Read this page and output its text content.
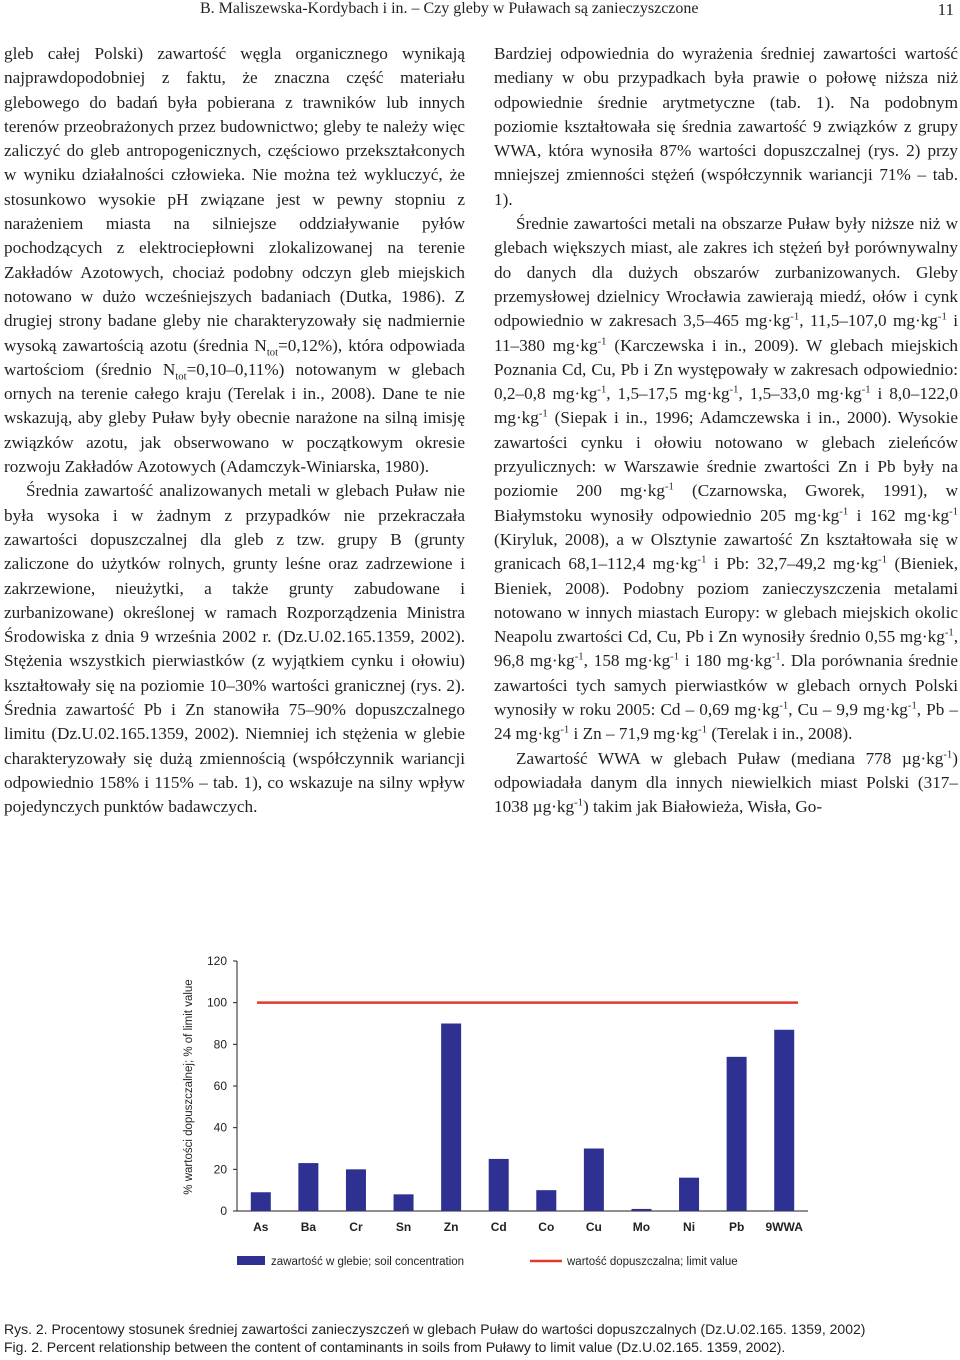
B. Maliszewska-Kordybach i in. – Czy gleby w Puławach są zanieczyszczone	11

gleb całej Polski) zawartość węgla organicznego wynikają najprawdopodobniej z faktu, że znaczna część materiału glebowego do badań była pobierana z trawników lub innych terenów przeobrażonych przez budownictwo; gleby te należy więc zaliczyć do gleb antropogenicznych, częściowo przekształconych w wyniku działalności człowieka. Nie można też wykluczyć, że stosunkowo wysokie pH związane jest w pewny stopniu z narażeniem miasta na silniejsze oddziaływanie pyłów pochodzących z elektrociepłowni zlokalizowanej na terenie Zakładów Azotowych, chociaż podobny odczyn gleb miejskich notowano w dużo wcześniejszych badaniach (Dutka, 1986). Z drugiej strony badane gleby nie charakteryzowały się nadmiernie wysoką zawartością azotu (średnia $N_{tot}=0,12\%$), która odpowiada wartościom (średnio $N_{tot}=0,10-0,11\%$) notowanym w glebach ornych na terenie całego kraju (Terelak i in., 2008). Dane te nie wskazują, aby gleby Puław były obecnie narażone na silną imisję związków azotu, jak obserwowano w początkowym okresie rozwoju Zakładów Azotowych (Adamczyk-Winiarska, 1980).

Średnia zawartość analizowanych metali w glebach Puław nie była wysoka i w żadnym z przypadków nie przekraczała zawartości dopuszczalnej dla gleb z tzw. grupy B (grunty zaliczone do użytków rolnych, grunty leśne oraz zadrzewione i zakrzewione, nieużytki, a także grunty zabudowane i zurbanizowane) określonej w ramach Rozporządzenia Ministra Środowiska z dnia 9 września 2002 r. (Dz.U.02.165.1359, 2002). Stężenia wszystkich pierwiastków (z wyjątkiem cynku i ołowiu) kształtowały się na poziomie 10–30% wartości granicznej (rys. 2). Średnia zawartość Pb i Zn stanowiła 75–90% dopuszczalnego limitu (Dz.U.02.165.1359, 2002). Niemniej ich stężenia w glebie charakteryzowały się dużą zmiennością (współczynnik wariancji odpowiednio 158% i 115% – tab. 1), co wskazuje na silny wpływ pojedynczych punktów badawczych.

Bardziej odpowiednia do wyrażenia średniej zawartości wartość mediany w obu przypadkach była prawie o połowę niższa niż odpowiednie średnie arytmetyczne (tab. 1). Na podobnym poziomie kształtowała się średnia zawartość 9 związków z grupy WWA, która wynosiła 87% wartości dopuszczalnej (rys. 2) przy mniejszej zmienności stężeń (współczynnik wariancji 71% – tab. 1).

Średnie zawartości metali na obszarze Puław były niższe niż w glebach większych miast, ale zakres ich stężeń był porównywalny do danych dla dużych obszarów zurbanizowanych. Gleby przemysłowej dzielnicy Wrocławia zawierają miedź, ołów i cynk odpowiednio w zakresach 3,5–465 $mg\cdot kg^{-1}$, 11,5–107,0 $mg\cdot kg^{-1}$ i 11–380 $mg\cdot kg^{-1}$ (Karczewska i in., 2009). W glebach miejskich Poznania Cd, Cu, Pb i Zn występowały w zakresach odpowiednio: 0,2–0,8 $mg\cdot kg^{-1}$, 1,5–17,5 $mg\cdot kg^{-1}$, 1,5–33,0 $mg\cdot kg^{-1}$ i 8,0–122,0 $mg\cdot kg^{-1}$ (Siepak i in., 1996; Adamczewska i in., 2000). Wysokie zawartości cynku i ołowiu notowano w glebach zieleńców przyulicznych: w Warszawie średnie zwartości Zn i Pb były na poziomie 200 $mg\cdot kg^{-1}$ (Czarnowska, Gworek, 1991), w Białymstoku wynosiły odpowiednio 205 $mg\cdot kg^{-1}$ i 162 $mg\cdot kg^{-1}$ (Kiryluk, 2008), a w Olsztynie zawartość Zn kształtowała się w granicach 68,1–112,4 $mg\cdot kg^{-1}$ i Pb: 32,7–49,2 $mg\cdot kg^{-1}$ (Bieniek, Bieniek, 2008). Podobny poziom zanieczyszczenia metalami notowano w innych miastach Europy: w glebach miejskich okolic Neapolu zwartości Cd, Cu, Pb i Zn wynosiły średnio 0,55 $mg\cdot kg^{-1}$, 96,8 $mg\cdot kg^{-1}$, 158 $mg\cdot kg^{-1}$ i 180 $mg\cdot kg^{-1}$. Dla porównania średnie zawartości tych samych pierwiastków w glebach ornych Polski wynosiły w roku 2005: Cd – 0,69 $mg\cdot kg^{-1}$, Cu – 9,9 $mg\cdot kg^{-1}$, Pb – 24 $mg\cdot kg^{-1}$ i Zn – 71,9 $mg\cdot kg^{-1}$ (Terelak i in., 2008).

Zawartość WWA w glebach Puław (mediana 778 $\mu g\cdot kg^{-1}$) odpowiadała danym dla innych niewielkich miast Polski (317–1038 $\mu g\cdot kg^{-1}$) takim jak Białowieża, Wisła, Go-

0
20
40
60
80
100
120
% wartości dopuszczalnej; % of limit value
As	Ba	Cr	Sn	Zn	Cd	Co	Cu	Mo	Ni	Pb 9WWA
zawartość w glebie; soil concentration	wartość dopuszczalna; limit value
Rys. 2. Procentowy stosunek średniej zawartości zanieczyszczeń w glebach Puław do wartości dopuszczalnych (Dz.U.02.165. 1359, 2002)
Fig. 2. Percent relationship between the content of contaminants in soils from Puławy to limit value (Dz.U.02.165. 1359, 2002).
